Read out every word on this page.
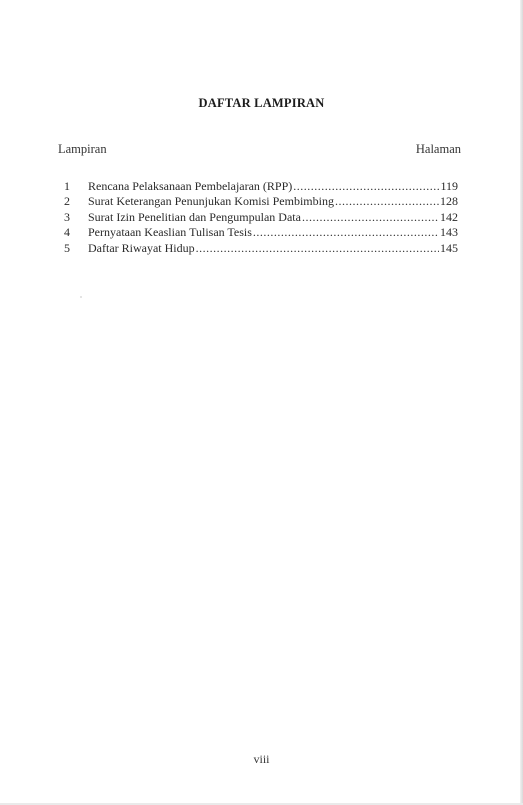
DAFTAR LAMPIRAN
Lampiran	Halaman
1	Rencana Pelaksanaan Pembelajaran (RPP) .....	119
2	Surat Keterangan Penunjukan Komisi Pembimbing .....	128
3	Surat Izin Penelitian dan Pengumpulan Data .....	142
4	Pernyataan Keaslian Tulisan Tesis .....	143
5	Daftar Riwayat Hidup .....	145
viii
